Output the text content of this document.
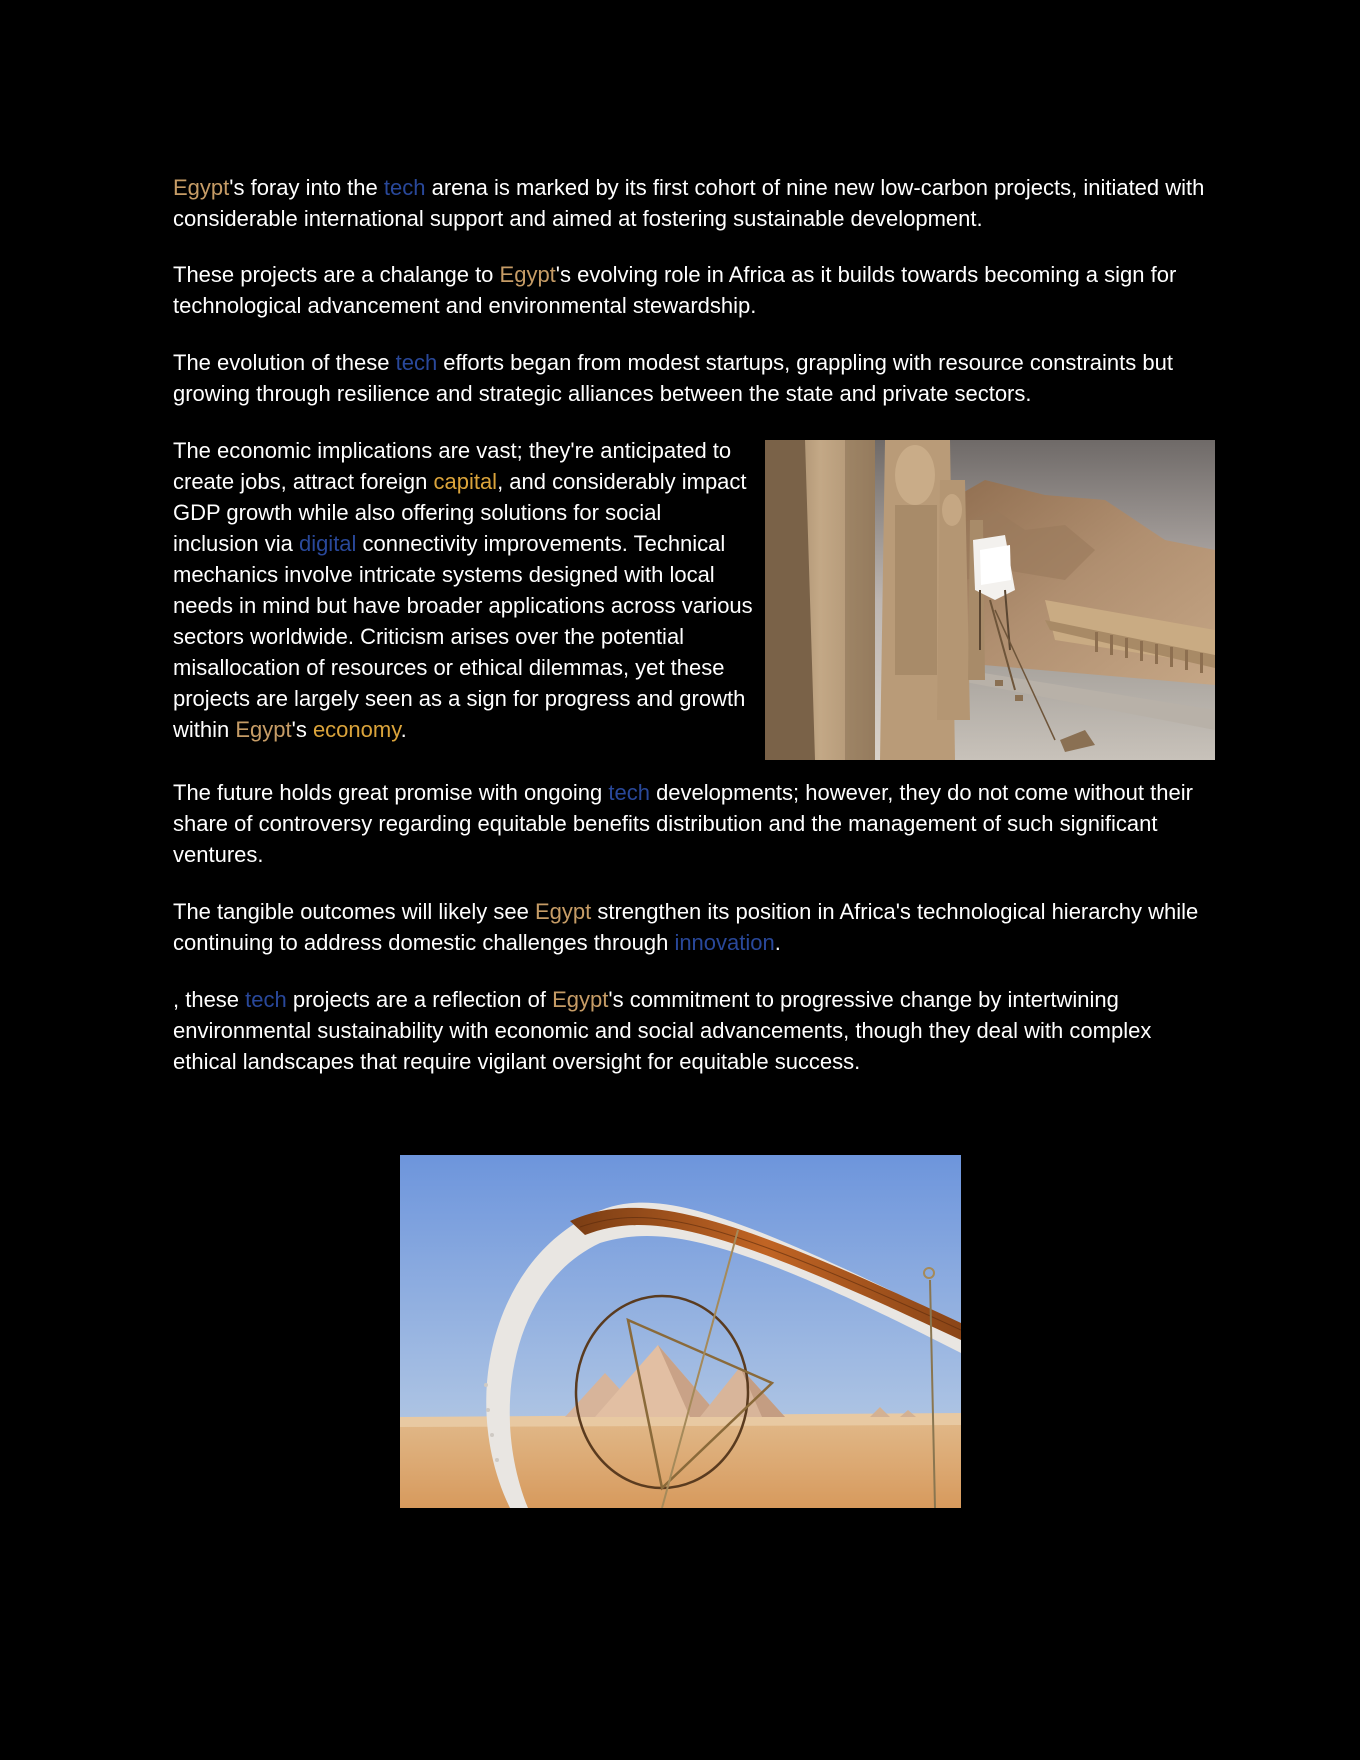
Egypt's foray into the tech arena is marked by its first cohort of nine new low-carbon projects, initiated with considerable international support and aimed at fostering sustainable development.

These projects are a chalange to Egypt's evolving role in Africa as it builds towards becoming a sign for technological advancement and environmental stewardship.

The evolution of these tech efforts began from modest startups, grappling with resource constraints but growing through resilience and strategic alliances between the state and private sectors.

The economic implications are vast; they're anticipated to create jobs, attract foreign capital, and considerably impact GDP growth while also offering solutions for social inclusion via digital connectivity improvements. Technical mechanics involve intricate systems designed with local needs in mind but have broader applications across various sectors worldwide. Criticism arises over the potential misallocation of resources or ethical dilemmas, yet these projects are largely seen as a sign for progress and growth within Egypt's economy.

The future holds great promise with ongoing tech developments; however, they do not come without their share of controversy regarding equitable benefits distribution and the management of such significant ventures.

The tangible outcomes will likely see Egypt strengthen its position in Africa's technological hierarchy while continuing to address domestic challenges through innovation.

, these tech projects are a reflection of Egypt's commitment to progressive change by intertwining environmental sustainability with economic and social advancements, though they deal with complex ethical landscapes that require vigilant oversight for equitable success.
